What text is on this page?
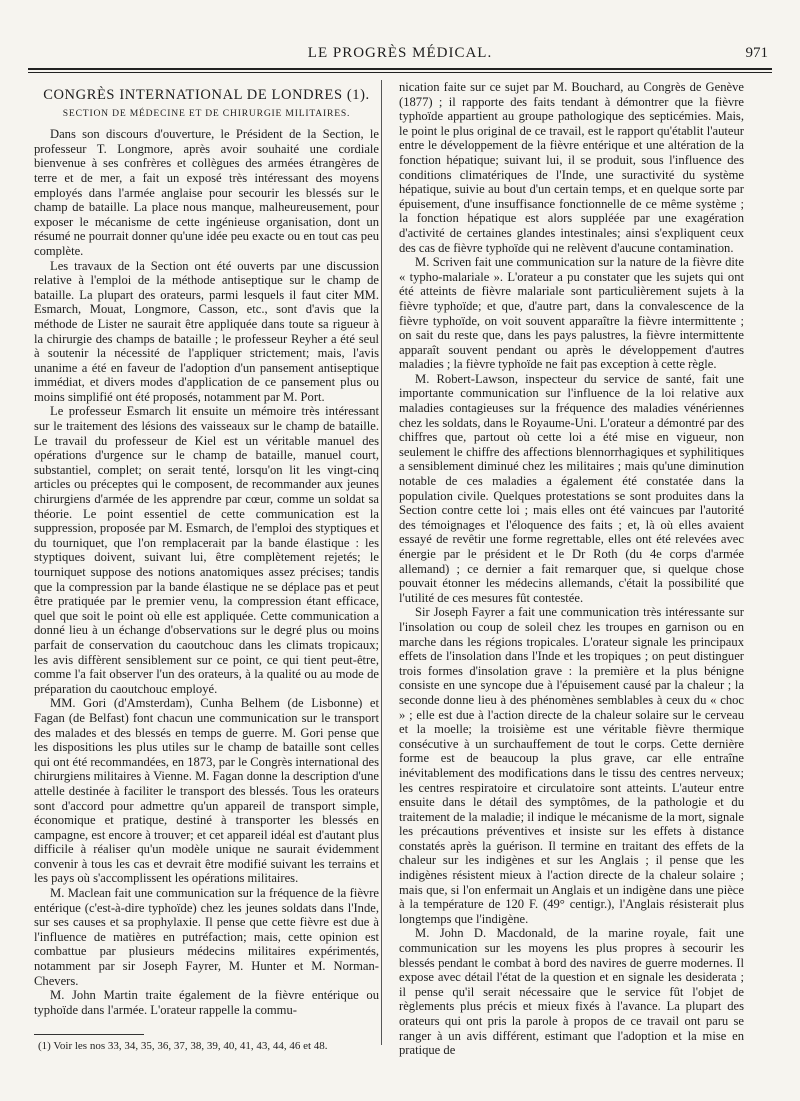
LE PROGRÈS MÉDICAL.	971
CONGRÈS INTERNATIONAL DE LONDRES (1).
SECTION DE MÉDECINE ET DE CHIRURGIE MILITAIRES.

Dans son discours d'ouverture, le Président de la Section, le professeur T. Longmore, après avoir souhaité une cordiale bienvenue à ses confrères et collègues des armées étrangères de terre et de mer, a fait un exposé très intéressant des moyens employés dans l'armée anglaise pour secourir les blessés sur le champ de bataille. La place nous manque, malheureusement, pour exposer le mécanisme de cette ingénieuse organisation, dont un résumé ne pourrait donner qu'une idée peu exacte ou en tout cas peu complète.

Les travaux de la Section ont été ouverts par une discussion relative à l'emploi de la méthode antiseptique sur le champ de bataille. La plupart des orateurs, parmi lesquels il faut citer MM. Esmarch, Mouat, Longmore, Casson, etc., sont d'avis que la méthode de Lister ne saurait être appliquée dans toute sa rigueur à la chirurgie des champs de bataille ; le professeur Reyher a été seul à soutenir la nécessité de l'appliquer strictement; mais, l'avis unanime a été en faveur de l'adoption d'un pansement antiseptique immédiat, et divers modes d'application de ce pansement plus ou moins simplifié ont été proposés, notamment par M. Port.

Le professeur Esmarch lit ensuite un mémoire très intéressant sur le traitement des lésions des vaisseaux sur le champ de bataille. Le travail du professeur de Kiel est un véritable manuel des opérations d'urgence sur le champ de bataille, manuel court, substantiel, complet; on serait tenté, lorsqu'on lit les vingt-cinq articles ou préceptes qui le composent, de recommander aux jeunes chirurgiens d'armée de les apprendre par cœur, comme un soldat sa théorie. Le point essentiel de cette communication est la suppression, proposée par M. Esmarch, de l'emploi des styptiques et du tourniquet, que l'on remplacerait par la bande élastique : les styptiques doivent, suivant lui, être complètement rejetés; le tourniquet suppose des notions anatomiques assez précises; tandis que la compression par la bande élastique ne se déplace pas et peut être pratiquée par le premier venu, la compression étant efficace, quel que soit le point où elle est appliquée. Cette communication a donné lieu à un échange d'observations sur le degré plus ou moins parfait de conservation du caoutchouc dans les climats tropicaux; les avis diffèrent sensiblement sur ce point, ce qui tient peut-être, comme l'a fait observer l'un des orateurs, à la qualité ou au mode de préparation du caoutchouc employé.

MM. Gori (d'Amsterdam), Cunha Belhem (de Lisbonne) et Fagan (de Belfast) font chacun une communication sur le transport des malades et des blessés en temps de guerre. M. Gori pense que les dispositions les plus utiles sur le champ de bataille sont celles qui ont été recommandées, en 1873, par le Congrès international des chirurgiens militaires à Vienne. M. Fagan donne la description d'une attelle destinée à faciliter le transport des blessés. Tous les orateurs sont d'accord pour admettre qu'un appareil de transport simple, économique et pratique, destiné à transporter les blessés en campagne, est encore à trouver; et cet appareil idéal est d'autant plus difficile à réaliser qu'un modèle unique ne saurait évidemment convenir à tous les cas et devrait être modifié suivant les terrains et les pays où s'accomplissent les opérations militaires.

M. Maclean fait une communication sur la fréquence de la fièvre entérique (c'est-à-dire typhoïde) chez les jeunes soldats dans l'Inde, sur ses causes et sa prophylaxie. Il pense que cette fièvre est due à l'influence de matières en putréfaction; mais, cette opinion est combattue par plusieurs médecins militaires expérimentés, notamment par sir Joseph Fayrer, M. Hunter et M. Norman-Chevers.

M. John Martin traite également de la fièvre entérique ou typhoïde dans l'armée. L'orateur rappelle la commu-

nication faite sur ce sujet par M. Bouchard, au Congrès de Genève (1877) ; il rapporte des faits tendant à démontrer que la fièvre typhoïde appartient au groupe pathologique des septicémies. Mais, le point le plus original de ce travail, est le rapport qu'établit l'auteur entre le développement de la fièvre entérique et une altération de la fonction hépatique; suivant lui, il se produit, sous l'influence des conditions climatériques de l'Inde, une suractivité du système hépatique, suivie au bout d'un certain temps, et en quelque sorte par épuisement, d'une insuffisance fonctionnelle de ce même système ; la fonction hépatique est alors suppléée par une exagération d'activité de certaines glandes intestinales; ainsi s'expliquent ceux des cas de fièvre typhoïde qui ne relèvent d'aucune contamination.

M. Scriven fait une communication sur la nature de la fièvre dite « typho-malariale ». L'orateur a pu constater que les sujets qui ont été atteints de fièvre malariale sont particulièrement sujets à la fièvre typhoïde; et que, d'autre part, dans la convalescence de la fièvre typhoïde, on voit souvent apparaître la fièvre intermittente ; on sait du reste que, dans les pays palustres, la fièvre intermittente apparaît souvent pendant ou après le développement d'autres maladies ; la fièvre typhoïde ne fait pas exception à cette règle.

M. Robert-Lawson, inspecteur du service de santé, fait une importante communication sur l'influence de la loi relative aux maladies contagieuses sur la fréquence des maladies vénériennes chez les soldats, dans le Royaume-Uni. L'orateur a démontré par des chiffres que, partout où cette loi a été mise en vigueur, non seulement le chiffre des affections blennorrhagiques et syphilitiques a sensiblement diminué chez les militaires ; mais qu'une diminution notable de ces maladies a également été constatée dans la population civile. Quelques protestations se sont produites dans la Section contre cette loi ; mais elles ont été vaincues par l'autorité des témoignages et l'éloquence des faits ; et, là où elles avaient essayé de revêtir une forme regrettable, elles ont été relevées avec énergie par le président et le Dr Roth (du 4e corps d'armée allemand) ; ce dernier a fait remarquer que, si quelque chose pouvait étonner les médecins allemands, c'était la possibilité que l'utilité de ces mesures fût contestée.

Sir Joseph Fayrer a fait une communication très intéressante sur l'insolation ou coup de soleil chez les troupes en garnison ou en marche dans les régions tropicales. L'orateur signale les principaux effets de l'insolation dans l'Inde et les tropiques ; on peut distinguer trois formes d'insolation grave : la première et la plus bénigne consiste en une syncope due à l'épuisement causé par la chaleur ; la seconde donne lieu à des phénomènes semblables à ceux du « choc » ; elle est due à l'action directe de la chaleur solaire sur le cerveau et la moelle; la troisième est une véritable fièvre thermique consécutive à un surchauffement de tout le corps. Cette dernière forme est de beaucoup la plus grave, car elle entraîne inévitablement des modifications dans le tissu des centres nerveux; les centres respiratoire et circulatoire sont atteints. L'auteur entre ensuite dans le détail des symptômes, de la pathologie et du traitement de la maladie; il indique le mécanisme de la mort, signale les précautions préventives et insiste sur les effets à distance constatés après la guérison. Il termine en traitant des effets de la chaleur sur les indigènes et sur les Anglais ; il pense que les indigènes résistent mieux à l'action directe de la chaleur solaire ; mais que, si l'on enfermait un Anglais et un indigène dans une pièce à la température de 120 F. (49° centigr.), l'Anglais résisterait plus longtemps que l'indigène.

M. John D. Macdonald, de la marine royale, fait une communication sur les moyens les plus propres à secourir les blessés pendant le combat à bord des navires de guerre modernes. Il expose avec détail l'état de la question et en signale les desiderata ; il pense qu'il serait nécessaire que le service fût l'objet de règlements plus précis et mieux fixés à l'avance. La plupart des orateurs qui ont pris la parole à propos de ce travail ont paru se ranger à un avis différent, estimant que l'adoption et la mise en pratique de

(1) Voir les nos 33, 34, 35, 36, 37, 38, 39, 40, 41, 43, 44, 46 et 48.
